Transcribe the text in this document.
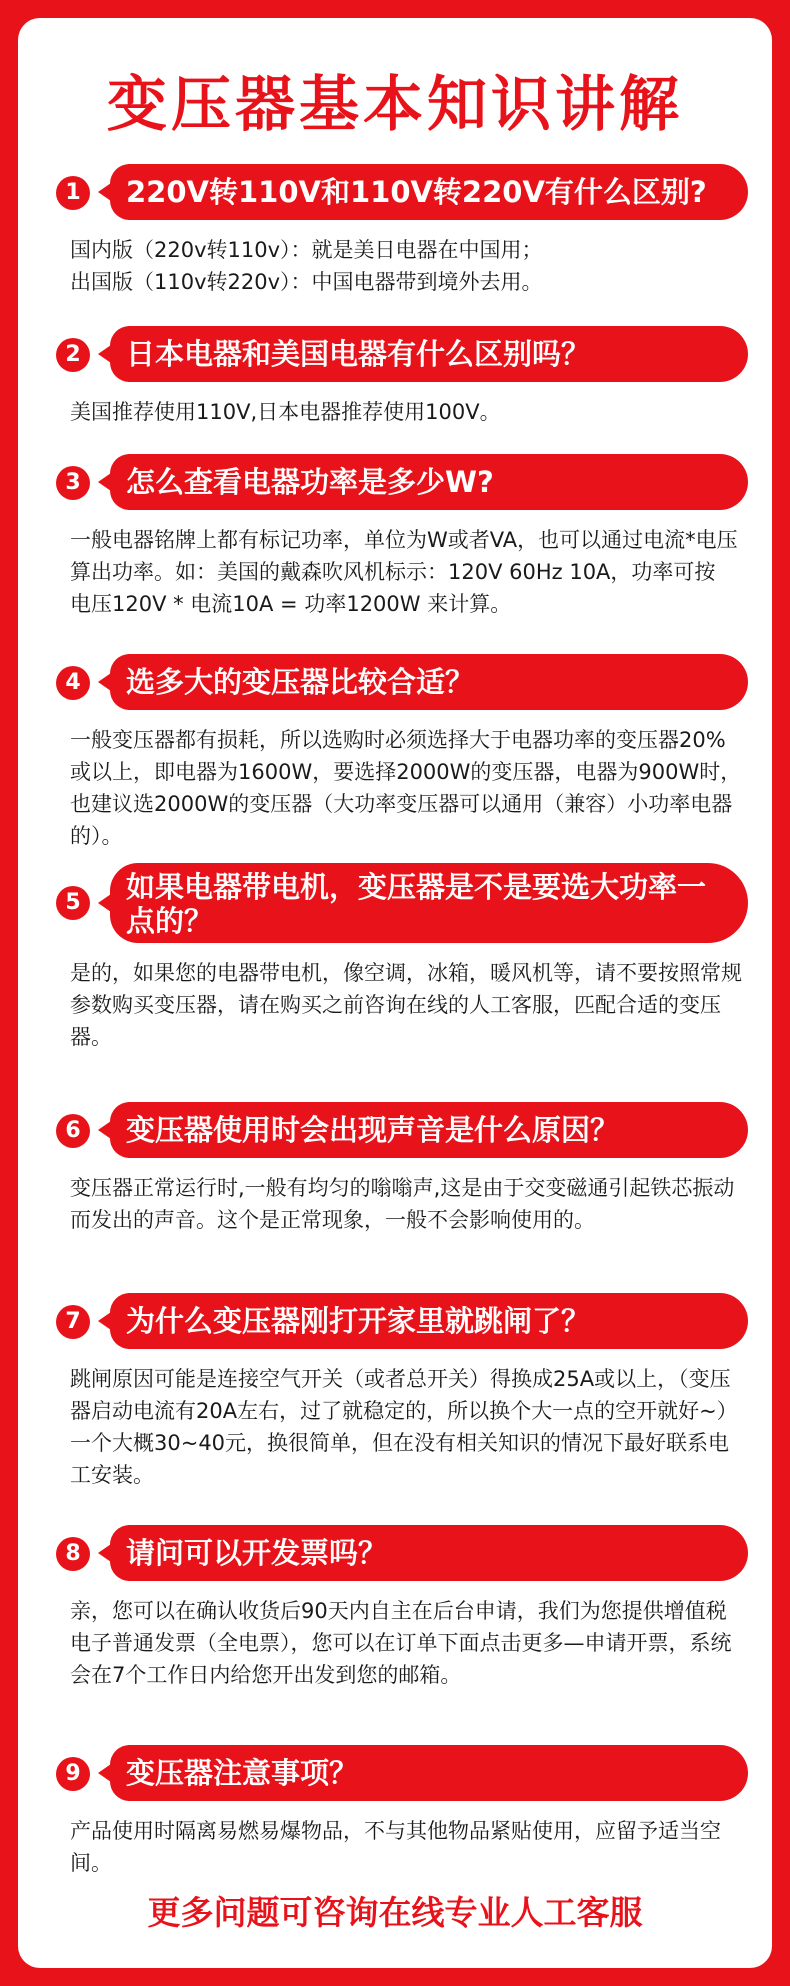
变压器基本知识讲解
1	220V转110V和110V转220V有什么区别?

国内版（220v转110v）：就是美日电器在中国用；

出国版（110v转220v）：中国电器带到境外去用。

2	日本电器和美国电器有什么区别吗？

美国推荐使用110V,日本电器推荐使用100V。

3	怎么查看电器功率是多少W?

一般电器铭牌上都有标记功率，单位为W或者VA，也可以通过电流*电压算出功率。如：美国的戴森吹风机标示：120V 60Hz 10A，功率可按 电压120V * 电流10A = 功率1200W 来计算。

4	选多大的变压器比较合适？

一般变压器都有损耗，所以选购时必须选择大于电器功率的变压器20%或以上，即电器为1600W，要选择2000W的变压器，电器为900W时，也建议选2000W的变压器（大功率变压器可以通用（兼容）小功率电器的）。

5	如果电器带电机，变压器是不是要选大功率一点的？

是的，如果您的电器带电机，像空调，冰箱，暖风机等，请不要按照常规参数购买变压器，请在购买之前咨询在线的人工客服，匹配合适的变压器。

6	变压器使用时会出现声音是什么原因？

变压器正常运行时,一般有均匀的嗡嗡声,这是由于交变磁通引起铁芯振动而发出的声音。这个是正常现象，一般不会影响使用的。

7	为什么变压器刚打开家里就跳闸了？

跳闸原因可能是连接空气开关（或者总开关）得换成25A或以上，（变压器启动电流有20A左右，过了就稳定的，所以换个大一点的空开就好~）一个大概30~40元，换很简单，但在没有相关知识的情况下最好联系电工安装。

8	请问可以开发票吗？

亲，您可以在确认收货后90天内自主在后台申请，我们为您提供增值税电子普通发票（全电票），您可以在订单下面点击更多—申请开票，系统会在7个工作日内给您开出发到您的邮箱。

9	变压器注意事项？

产品使用时隔离易燃易爆物品，不与其他物品紧贴使用，应留予适当空间。

更多问题可咨询在线专业人工客服
